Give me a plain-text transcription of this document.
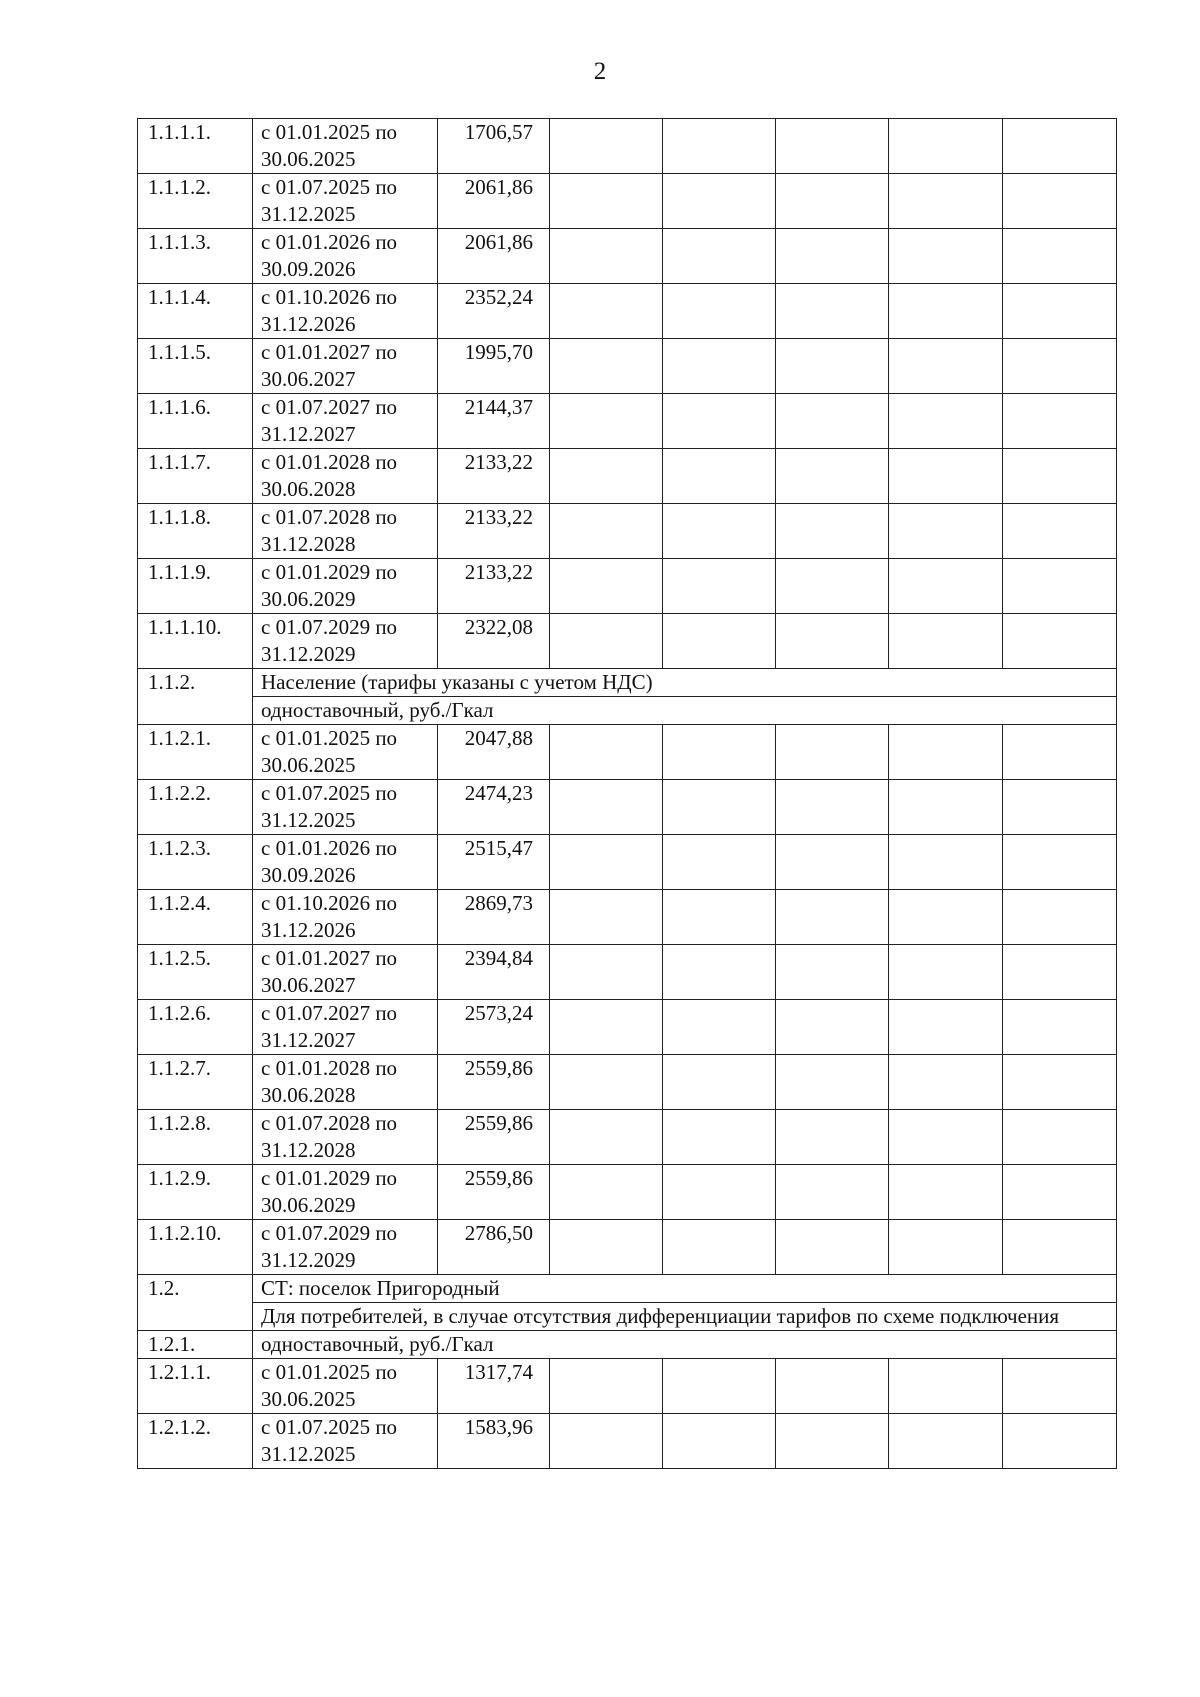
2
1.1.1.1.	с 01.01.2025 по
30.06.2025	1706,57					
1.1.1.2.	с 01.07.2025 по
31.12.2025	2061,86					
1.1.1.3.	с 01.01.2026 по
30.09.2026	2061,86					
1.1.1.4.	с 01.10.2026 по
31.12.2026	2352,24					
1.1.1.5.	с 01.01.2027 по
30.06.2027	1995,70					
1.1.1.6.	с 01.07.2027 по
31.12.2027	2144,37					
1.1.1.7.	с 01.01.2028 по
30.06.2028	2133,22					
1.1.1.8.	с 01.07.2028 по
31.12.2028	2133,22					
1.1.1.9.	с 01.01.2029 по
30.06.2029	2133,22					
1.1.1.10.	с 01.07.2029 по
31.12.2029	2322,08					
1.1.2.	Население (тарифы указаны с учетом НДС)						
	одноставочный, руб./Гкал						
1.1.2.1.	с 01.01.2025 по
30.06.2025	2047,88					
1.1.2.2.	с 01.07.2025 по
31.12.2025	2474,23					
1.1.2.3.	с 01.01.2026 по
30.09.2026	2515,47					
1.1.2.4.	с 01.10.2026 по
31.12.2026	2869,73					
1.1.2.5.	с 01.01.2027 по
30.06.2027	2394,84					
1.1.2.6.	с 01.07.2027 по
31.12.2027	2573,24					
1.1.2.7.	с 01.01.2028 по
30.06.2028	2559,86					
1.1.2.8.	с 01.07.2028 по
31.12.2028	2559,86					
1.1.2.9.	с 01.01.2029 по
30.06.2029	2559,86					
1.1.2.10.	с 01.07.2029 по
31.12.2029	2786,50					
1.2.	СТ: поселок Пригородный						
	Для потребителей, в случае отсутствия дифференциации тарифов по схеме подключения						
1.2.1.	одноставочный, руб./Гкал						
1.2.1.1.	с 01.01.2025 по
30.06.2025	1317,74					
1.2.1.2.	с 01.07.2025 по
31.12.2025	1583,96					
